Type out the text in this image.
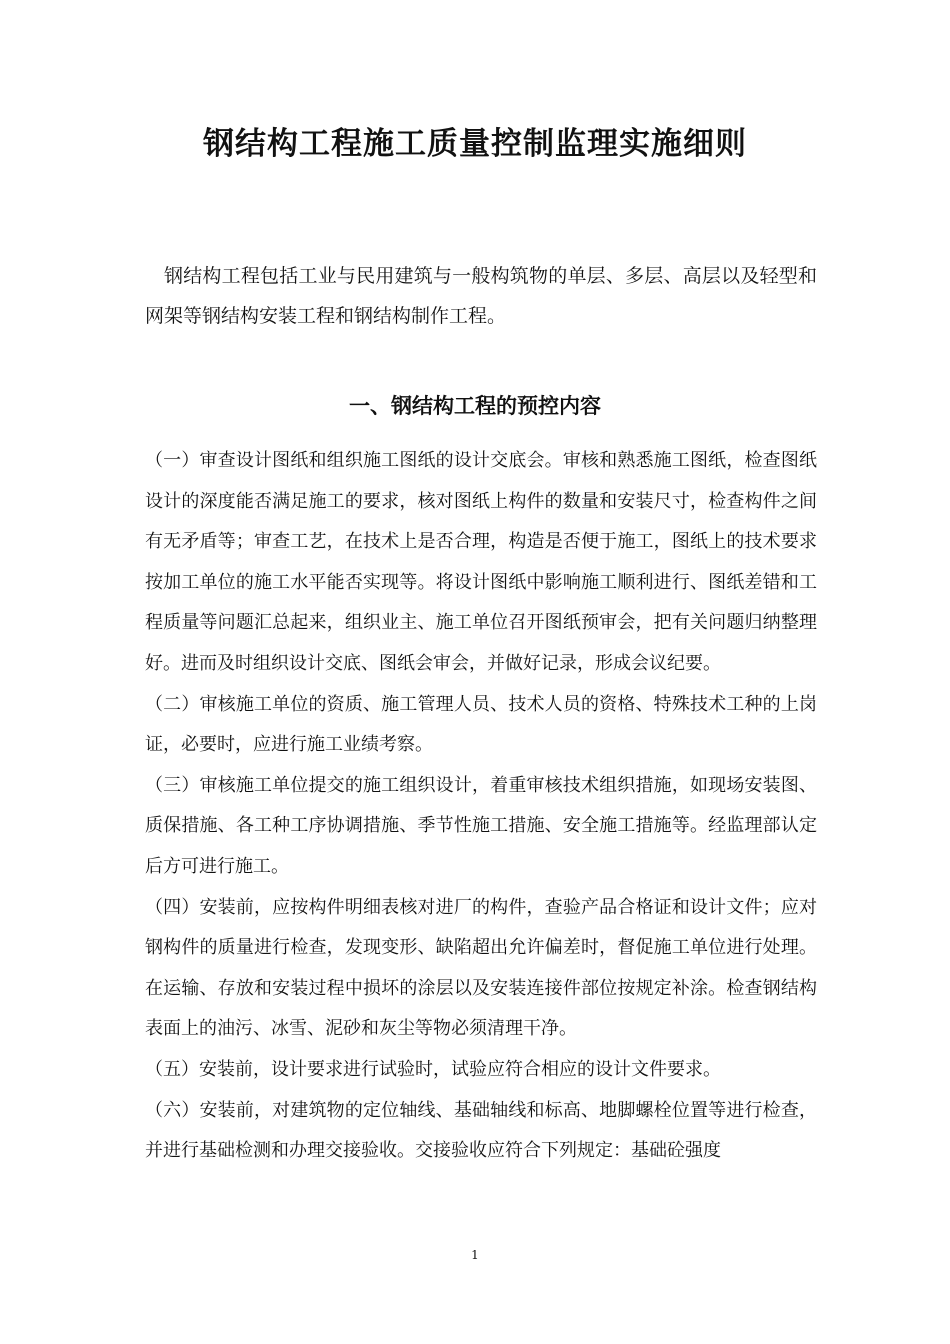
钢结构工程施工质量控制监理实施细则

钢结构工程包括工业与民用建筑与一般构筑物的单层、多层、高层以及轻型和网架等钢结构安装工程和钢结构制作工程。

一、钢结构工程的预控内容

（一）审查设计图纸和组织施工图纸的设计交底会。审核和熟悉施工图纸，检查图纸设计的深度能否满足施工的要求，核对图纸上构件的数量和安装尺寸，检查构件之间有无矛盾等；审查工艺，在技术上是否合理，构造是否便于施工，图纸上的技术要求按加工单位的施工水平能否实现等。将设计图纸中影响施工顺利进行、图纸差错和工程质量等问题汇总起来，组织业主、施工单位召开图纸预审会，把有关问题归纳整理好。进而及时组织设计交底、图纸会审会，并做好记录，形成会议纪要。

（二）审核施工单位的资质、施工管理人员、技术人员的资格、特殊技术工种的上岗证，必要时，应进行施工业绩考察。

（三）审核施工单位提交的施工组织设计，着重审核技术组织措施，如现场安装图、质保措施、各工种工序协调措施、季节性施工措施、安全施工措施等。经监理部认定后方可进行施工。

（四）安装前，应按构件明细表核对进厂的构件，查验产品合格证和设计文件；应对钢构件的质量进行检查，发现变形、缺陷超出允许偏差时，督促施工单位进行处理。在运输、存放和安装过程中损坏的涂层以及安装连接件部位按规定补涂。检查钢结构表面上的油污、冰雪、泥砂和灰尘等物必须清理干净。

（五）安装前，设计要求进行试验时，试验应符合相应的设计文件要求。

（六）安装前，对建筑物的定位轴线、基础轴线和标高、地脚螺栓位置等进行检查，并进行基础检测和办理交接验收。交接验收应符合下列规定：基础砼强度

1
